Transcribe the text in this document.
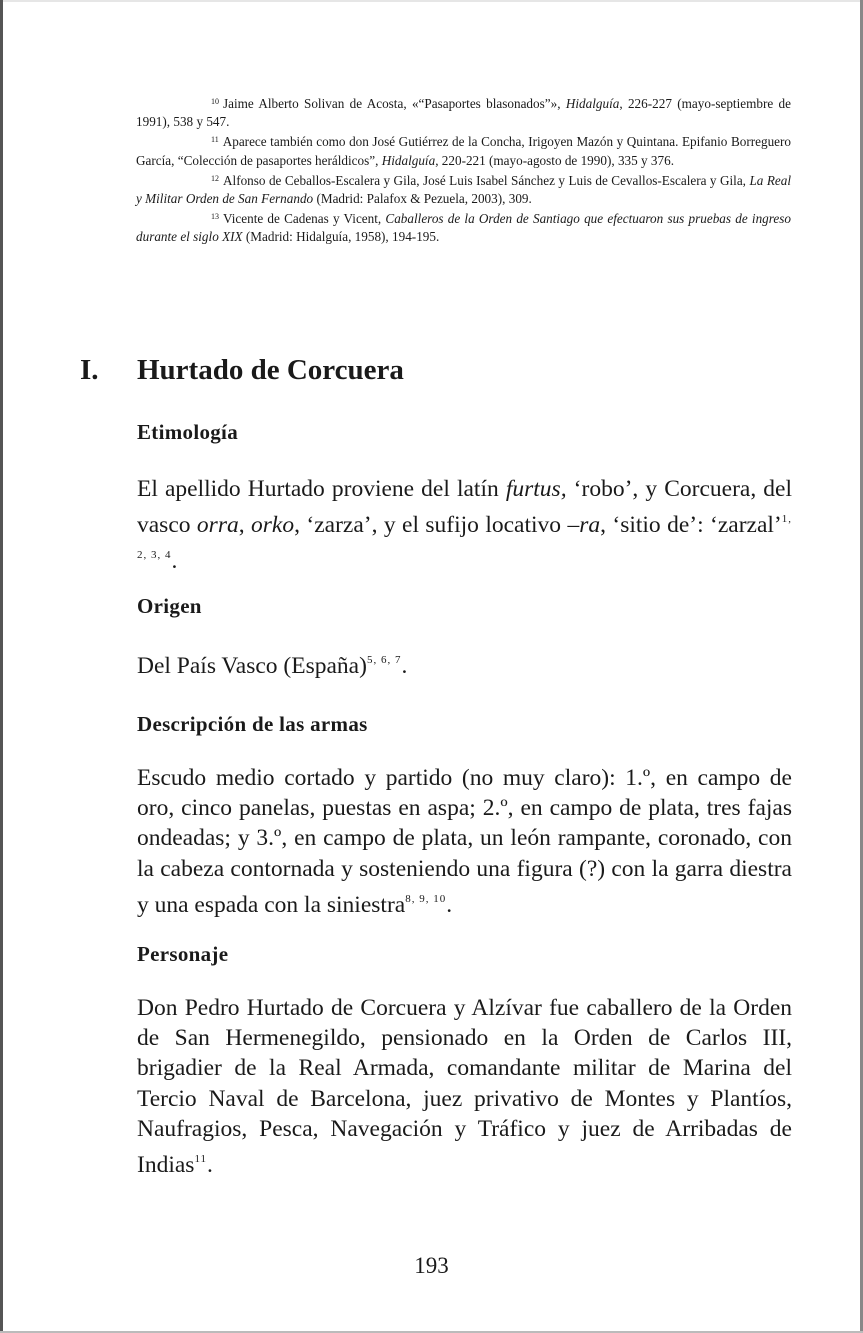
$^{10}$ Jaime Alberto Solivan de Acosta, «“Pasaportes blasonados”», Hidalguía, 226-227 (mayo-septiembre de 1991), 538 y 547.

$^{11}$ Aparece también como don José Gutiérrez de la Concha, Irigoyen Mazón y Quintana. Epifanio Borreguero García, “Colección de pasaportes heráldicos”, Hidalguía, 220-221 (mayo-agosto de 1990), 335 y 376.

$^{12}$ Alfonso de Ceballos-Escalera y Gila, José Luis Isabel Sánchez y Luis de Cevallos-Escalera y Gila, La Real y Militar Orden de San Fernando (Madrid: Palafox & Pezuela, 2003), 309.

$^{13}$ Vicente de Cadenas y Vicent, Caballeros de la Orden de Santiago que efectuaron sus pruebas de ingreso durante el siglo XIX (Madrid: Hidalguía, 1958), 194-195.

I. Hurtado de Corcuera
Etimología

El apellido Hurtado proviene del latín furtus, ‘robo’, y Corcuera, del vasco orra, orko, ‘zarza’, y el sufijo locativo –ra, ‘sitio de’: ‘zarzal’$^{1, 2, 3, 4}$.

Origen

Del País Vasco (España)$^{5, 6, 7}$.

Descripción de las armas

Escudo medio cortado y partido (no muy claro): 1.º, en campo de oro, cinco panelas, puestas en aspa; 2.º, en campo de plata, tres fajas ondeadas; y 3.º, en campo de plata, un león rampante, coronado, con la cabeza contornada y sosteniendo una figura (?) con la garra diestra y una espada con la siniestra$^{8, 9, 10}$.

Personaje

Don Pedro Hurtado de Corcuera y Alzívar fue caballero de la Orden de San Hermenegildo, pensionado en la Orden de Carlos III, brigadier de la Real Armada, comandante militar de Marina del Tercio Naval de Barcelona, juez privativo de Montes y Plantíos, Naufragios, Pesca, Navegación y Tráfico y juez de Arribadas de Indias$^{11}$.

193
